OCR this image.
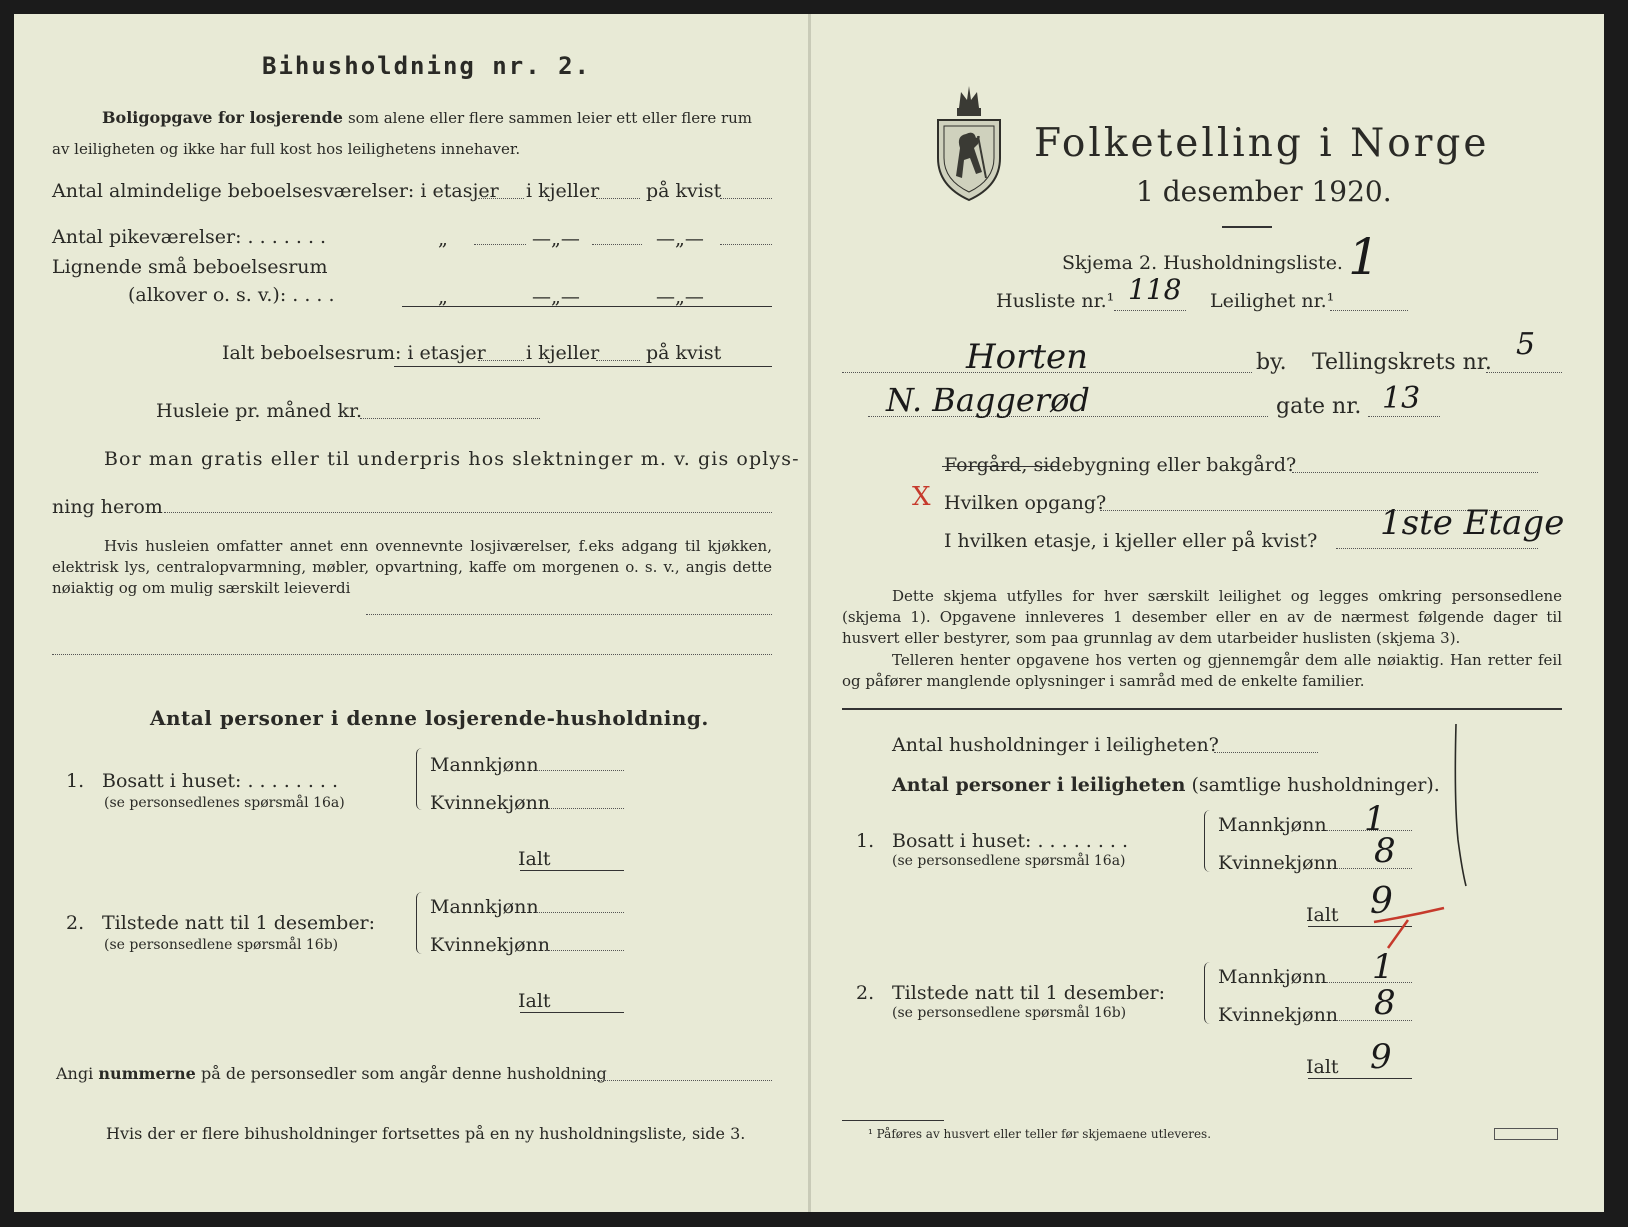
Bihusholdning nr. 2.
Boligopgave for losjerende som alene eller flere sammen leier ett eller flere rum
av leiligheten og ikke har full kost hos leilighetens innehaver.
Antal almindelige beboelsesværelser: i etasjer i kjeller på kvist
Antal pikeværelser: . . . . . . .	„	—„—	—„—
Lignende små beboelsesrum
(alkover o. s. v.): . . . .	„	—„—	—„—
Ialt beboelsesrum: i etasjer i kjeller på kvist
Husleie pr. måned kr.
Bor man gratis eller til underpris hos slektninger m. v. gis oplys-
ning herom
Hvis husleien omfatter annet enn ovennevnte losjiværelser, f.eks adgang til kjøkken, elektrisk lys, centralopvarmning, møbler, opvartning, kaffe om morgenen o. s. v., angis dette nøiaktig og om mulig særskilt leieverdi
Antal personer i denne losjerende-husholdning.
1. Bosatt i huset: . . . . . . . .
(se personsedlenes spørsmål 16a)
Mannkjønn
Kvinnekjønn
Ialt
2. Tilstede natt til 1 desember:
(se personsedlene spørsmål 16b)
Mannkjønn
Kvinnekjønn
Ialt
Angi nummerne på de personsedler som angår denne husholdning
Hvis der er flere bihusholdninger fortsettes på en ny husholdningsliste, side 3.
Folketelling i Norge
1 desember 1920.
Skjema 2. Husholdningsliste. 1
Husliste nr.¹ 118 Leilighet nr.¹
Horten	by. Tellingskrets nr.
5
N. Baggerød	gate nr. 13
Forgård, sidebygning eller bakgård?
X Hvilken opgang?
I hvilken etasje, i kjeller eller på kvist? 1ste Etage
Dette skjema utfylles for hver særskilt leilighet og legges omkring personsedlene (skjema 1). Opgavene innleveres 1 desember eller en av de nærmest følgende dager til husvert eller bestyrer, som paa grunnlag av dem utarbeider huslisten (skjema 3).
Telleren henter opgavene hos verten og gjennemgår dem alle nøiaktig. Han retter feil og påfører manglende oplysninger i samråd med de enkelte familier.
Antal husholdninger i leiligheten?
Antal personer i leiligheten (samtlige husholdninger).
1. Bosatt i huset: . . . . . . . .
(se personsedlene spørsmål 16a)
Mannkjønn 1
Kvinnekjønn 8
Ialt 9
2. Tilstede natt til 1 desember:
(se personsedlene spørsmål 16b)
Mannkjønn 1
Kvinnekjønn 8
Ialt 9
¹ Påføres av husvert eller teller før skjemaene utleveres.
